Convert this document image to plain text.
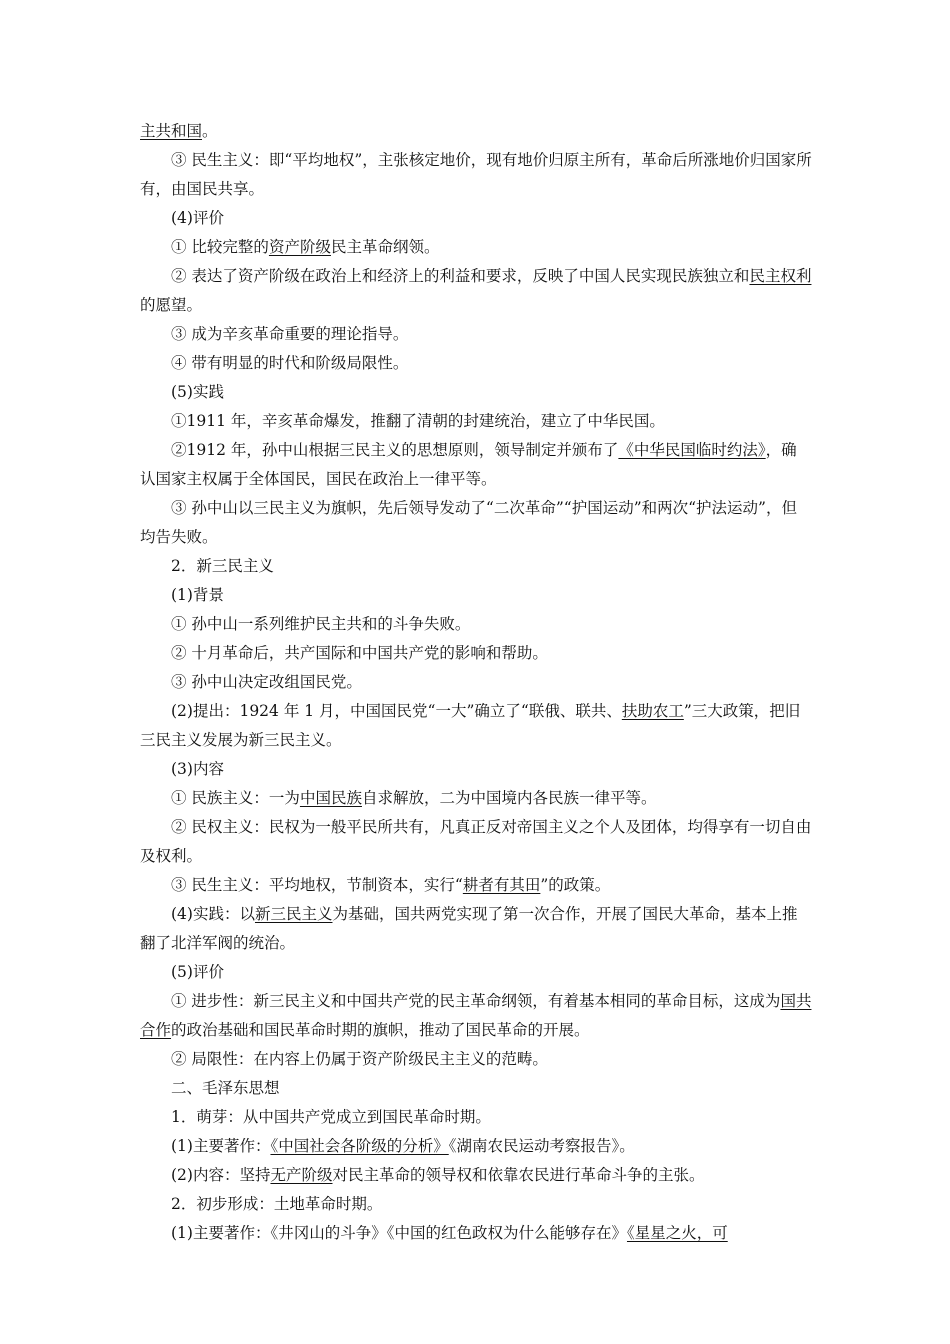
主共和国。

③ 民生主义：即“平均地权”，主张核定地价，现有地价归原主所有，革命后所涨地价归国家所有，由国民共享。

(4)评价

① 比较完整的资产阶级民主革命纲领。

② 表达了资产阶级在政治上和经济上的利益和要求，反映了中国人民实现民族独立和民主权利的愿望。

③ 成为辛亥革命重要的理论指导。

④ 带有明显的时代和阶级局限性。

(5)实践

①1911 年，辛亥革命爆发，推翻了清朝的封建统治，建立了中华民国。

②1912 年，孙中山根据三民主义的思想原则，领导制定并颁布了《中华民国临时约法》，确认国家主权属于全体国民，国民在政治上一律平等。

③ 孙中山以三民主义为旗帜，先后领导发动了“二次革命”“护国运动”和两次“护法运动”，但均告失败。

2．新三民主义

(1)背景

① 孙中山一系列维护民主共和的斗争失败。

② 十月革命后，共产国际和中国共产党的影响和帮助。

③ 孙中山决定改组国民党。

(2)提出：1924 年 1 月，中国国民党“一大”确立了“联俄、联共、扶助农工”三大政策，把旧三民主义发展为新三民主义。

(3)内容

① 民族主义：一为中国民族自求解放，二为中国境内各民族一律平等。

② 民权主义：民权为一般平民所共有，凡真正反对帝国主义之个人及团体，均得享有一切自由及权利。

③ 民生主义：平均地权，节制资本，实行“耕者有其田”的政策。

(4)实践：以新三民主义为基础，国共两党实现了第一次合作，开展了国民大革命，基本上推翻了北洋军阀的统治。

(5)评价

① 进步性：新三民主义和中国共产党的民主革命纲领，有着基本相同的革命目标，这成为国共合作的政治基础和国民革命时期的旗帜，推动了国民革命的开展。

② 局限性：在内容上仍属于资产阶级民主主义的范畴。

二、毛泽东思想

1．萌芽：从中国共产党成立到国民革命时期。

(1)主要著作：《中国社会各阶级的分析》《湖南农民运动考察报告》。

(2)内容：坚持无产阶级对民主革命的领导权和依靠农民进行革命斗争的主张。

2．初步形成：土地革命时期。

(1)主要著作：《井冈山的斗争》《中国的红色政权为什么能够存在》《星星之火，可
